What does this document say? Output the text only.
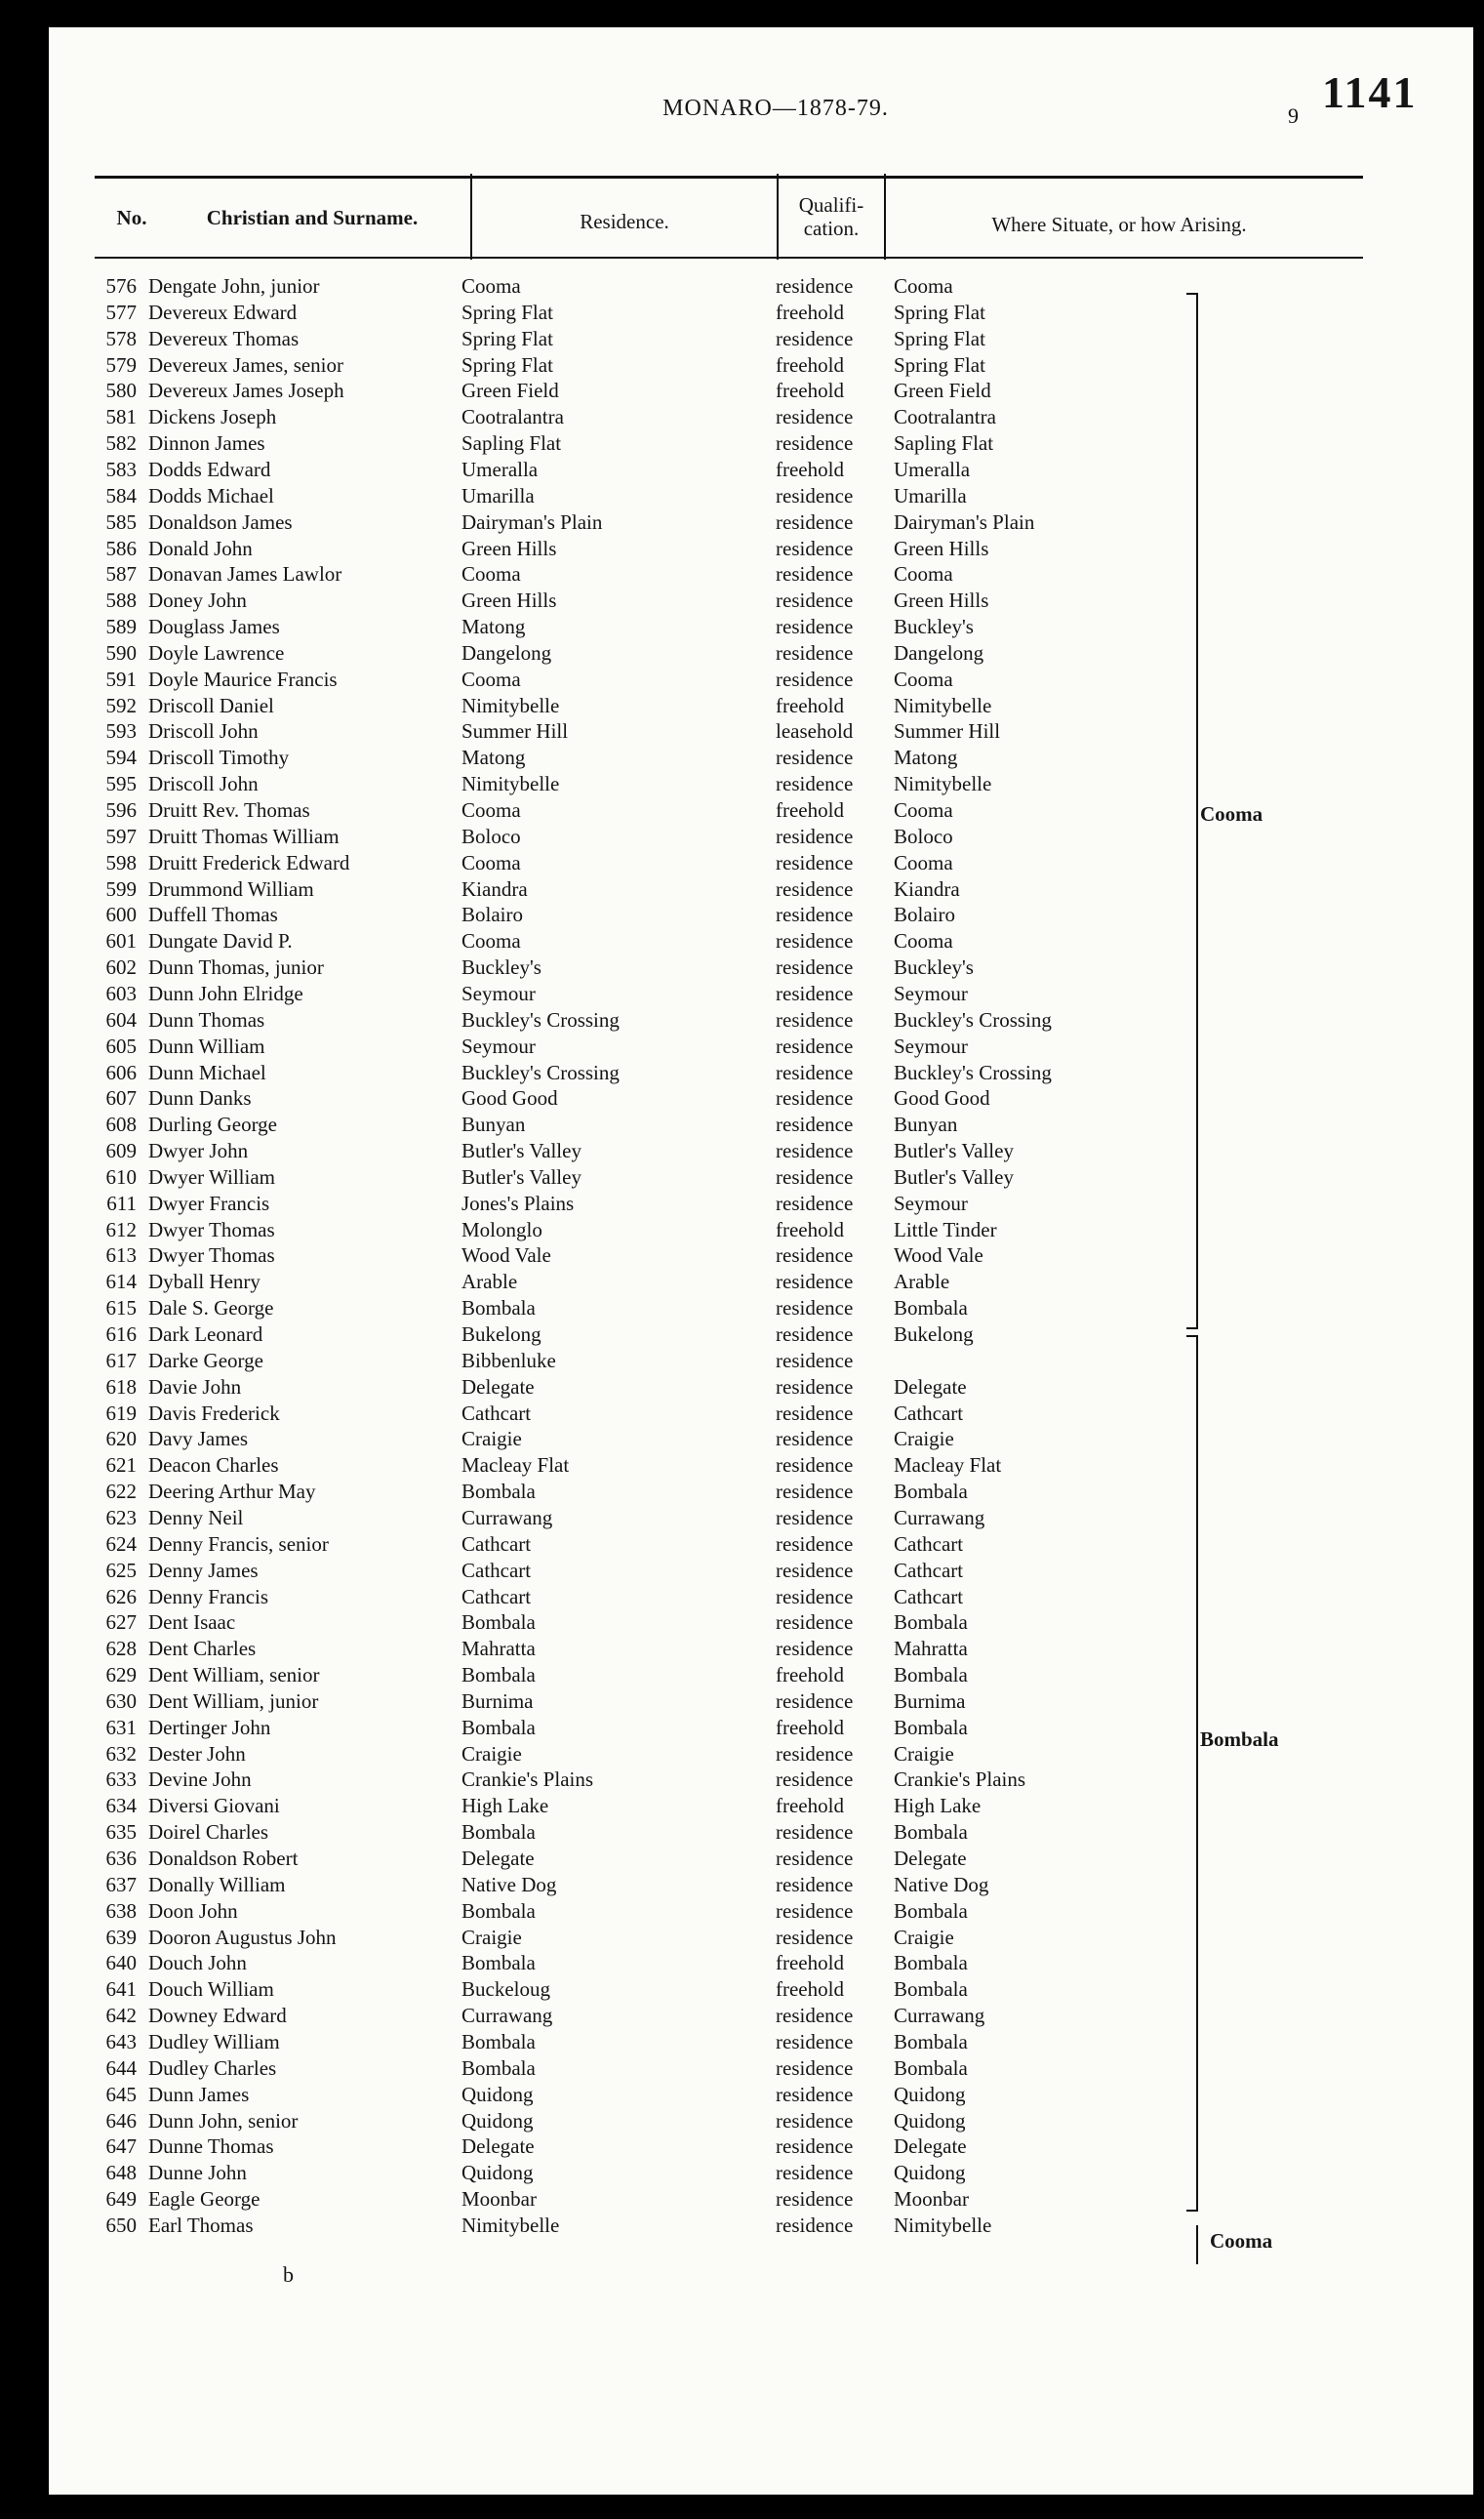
MONARO—1878-79.	9 1141
No.	Christian and Surname.	Residence.
Qualifi-
cation.	Where Situate, or how Arising.
576 Dengate John, junior	Cooma	residence Cooma
577 Devereux Edward	Spring Flat	freehold Spring Flat
578 Devereux Thomas	Spring Flat	residence Spring Flat
579 Devereux James, senior	Spring Flat	freehold Spring Flat
580 Devereux James Joseph	Green Field	freehold Green Field
581 Dickens Joseph	Cootralantra	residence Cootralantra
582 Dinnon James	Sapling Flat	residence Sapling Flat
583 Dodds Edward	Umeralla	freehold Umeralla
584 Dodds Michael	Umarilla	residence Umarilla
585 Donaldson James	Dairyman's Plain	residence Dairyman's Plain
586 Donald John	Green Hills	residence Green Hills
587 Donavan James Lawlor	Cooma	residence Cooma
588 Doney John	Green Hills	residence Green Hills
589 Douglass James	Matong	residence Buckley's
590 Doyle Lawrence	Dangelong	residence Dangelong
591 Doyle Maurice Francis	Cooma	residence Cooma
592 Driscoll Daniel	Nimitybelle	freehold Nimitybelle
593 Driscoll John	Summer Hill	leasehold Summer Hill
594 Driscoll Timothy	Matong	residence Matong
595 Driscoll John	Nimitybelle	residence Nimitybelle
596 Druitt Rev. Thomas	Cooma	freehold Cooma
597 Druitt Thomas William	Boloco	residence Boloco
598 Druitt Frederick Edward	Cooma	residence Cooma
599 Drummond William	Kiandra	residence Kiandra
600 Duffell Thomas	Bolairo	residence Bolairo
601 Dungate David P.	Cooma	residence Cooma
602 Dunn Thomas, junior	Buckley's	residence Buckley's
603 Dunn John Elridge	Seymour	residence Seymour
604 Dunn Thomas	Buckley's Crossing	residence Buckley's Crossing
605 Dunn William	Seymour	residence Seymour
606 Dunn Michael	Buckley's Crossing	residence Buckley's Crossing
607 Dunn Danks	Good Good	residence Good Good
608 Durling George	Bunyan	residence Bunyan
609 Dwyer John	Butler's Valley	residence Butler's Valley
610 Dwyer William	Butler's Valley	residence Butler's Valley
611 Dwyer Francis	Jones's Plains	residence Seymour
612 Dwyer Thomas	Molonglo	freehold Little Tinder
613 Dwyer Thomas	Wood Vale	residence Wood Vale
614 Dyball Henry	Arable	residence Arable
615 Dale S. George	Bombala	residence Bombala
616 Dark Leonard	Bukelong	residence Bukelong
617 Darke George	Bibbenluke	residence
618 Davie John	Delegate	residence Delegate
619 Davis Frederick	Cathcart	residence Cathcart
620 Davy James	Craigie	residence Craigie
621 Deacon Charles	Macleay Flat	residence Macleay Flat
622 Deering Arthur May	Bombala	residence Bombala
623 Denny Neil	Currawang	residence Currawang
624 Denny Francis, senior	Cathcart	residence Cathcart
625 Denny James	Cathcart	residence Cathcart
626 Denny Francis	Cathcart	residence Cathcart
627 Dent Isaac	Bombala	residence Bombala
628 Dent Charles	Mahratta	residence Mahratta
629 Dent William, senior	Bombala	freehold Bombala
630 Dent William, junior	Burnima	residence Burnima
631 Dertinger John	Bombala	freehold Bombala
632 Dester John	Craigie	residence Craigie
633 Devine John	Crankie's Plains	residence Crankie's Plains
634 Diversi Giovani	High Lake	freehold High Lake
635 Doirel Charles	Bombala	residence Bombala
636 Donaldson Robert	Delegate	residence Delegate
637 Donally William	Native Dog	residence Native Dog
638 Doon John	Bombala	residence Bombala
639 Dooron Augustus John	Craigie	residence Craigie
640 Douch John	Bombala	freehold Bombala
641 Douch William	Buckeloug	freehold Bombala
642 Downey Edward	Currawang	residence Currawang
643 Dudley William	Bombala	residence Bombala
644 Dudley Charles	Bombala	residence Bombala
645 Dunn James	Quidong	residence Quidong
646 Dunn John, senior	Quidong	residence Quidong
647 Dunne Thomas	Delegate	residence Delegate
648 Dunne John	Quidong	residence Quidong
649 Eagle George	Moonbar	residence Moonbar
650 Earl Thomas	Nimitybelle	residence Nimitybelle
Cooma
Bombala
Cooma
b
